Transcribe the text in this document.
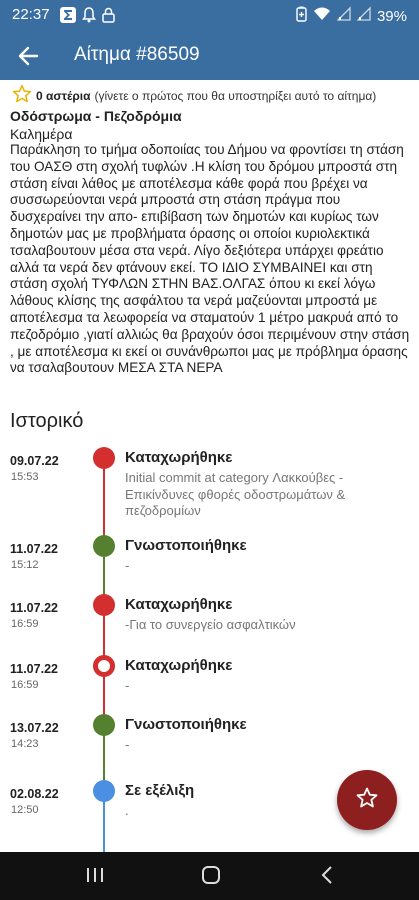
22:37	39%
Αίτημα #86509
0 αστέρια (γίνετε ο πρώτος που θα υποστηρίξει αυτό το αίτημα)
Οδόστρωμα - Πεζοδρόμια
Καλημέρα
Παράκληση το τμήμα οδοποιίας του Δήμου να φροντίσει τη στάση του ΟΑΣΘ στη σχολή τυφλών .Η κλίση του δρόμου μπροστά στη στάση είναι λάθος με αποτέλεσμα κάθε φορά που βρέχει να συσσωρεύονται νερά μπροστά στη στάση πράγμα που δυσχεραίνει την απο- επιβίβαση των δημοτών και κυρίως των δημοτών μας με προβλήματα όρασης οι οποίοι κυριολεκτικά τσαλαβουτουν μέσα στα νερά. Λίγο δεξιότερα υπάρχει φρεάτιο αλλά τα νερά δεν φτάνουν εκεί. ΤΟ ΙΔΙΟ ΣΥΜΒΑΙΝΕΙ και στη στάση σχολή ΤΥΦΛΩΝ ΣΤΗΝ ΒΑΣ.ΟΛΓΑΣ όπου κι εκεί λόγω λάθους κλίσης της ασφάλτου τα νερά μαζεύονται μπροστά με αποτέλεσμα τα λεωφορεία να σταματούν 1 μέτρο μακρυά από το πεζοδρόμιο ,γιατί αλλιώς θα βραχούν όσοι περιμένουν στην στάση , με αποτέλεσμα κι εκεί οι συνάνθρωποι μας με πρόβλημα όρασης να τσαλαβουτουν ΜΕΣΑ ΣΤΑ ΝΕΡΑ
Ιστορικό
09.07.22
15:53
Καταχωρήθηκε
Initial commit at category Λακκούβες - Επικίνδυνες φθορές οδοστρωμάτων & πεζοδρομίων
11.07.22
15:12
Γνωστοποιήθηκε
-
11.07.22
16:59
Καταχωρήθηκε
-Για το συνεργείο ασφαλτικών
11.07.22
16:59
Καταχωρήθηκε
-
13.07.22
14:23
Γνωστοποιήθηκε
-
02.08.22
12:50
Σε εξέλιξη
.
